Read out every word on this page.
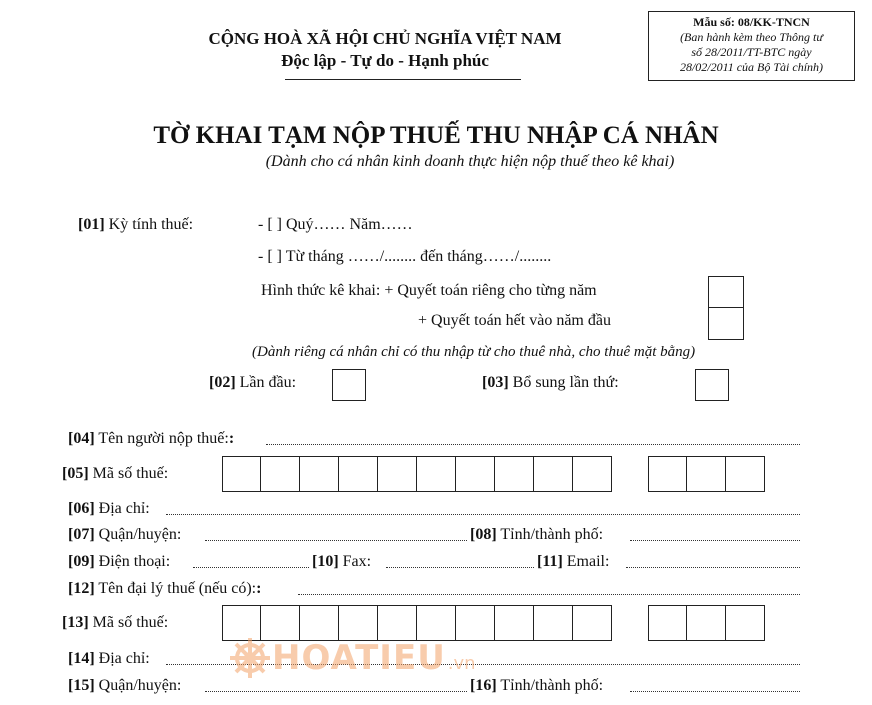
CỘNG HOÀ XÃ HỘI CHỦ NGHĨA VIỆT NAM
Độc lập - Tự do - Hạnh phúc
Mẫu số: 08/KK-TNCN
(Ban hành kèm theo Thông tư
số 28/2011/TT-BTC ngày
28/02/2011 của Bộ Tài chính)
TỜ KHAI TẠM NỘP THUẾ THU NHẬP CÁ NHÂN
(Dành cho cá nhân kinh doanh thực hiện nộp thuế theo kê khai)
[01] Kỳ tính thuế:	- [ ] Quý…… Năm……
- [ ] Từ tháng ……/........ đến tháng……/........
Hình thức kê khai: + Quyết toán riêng cho từng năm
+ Quyết toán hết vào năm đầu
(Dành riêng cá nhân chỉ có thu nhập từ cho thuê nhà, cho thuê mặt bằng)
[02] Lần đầu:	[03] Bổ sung lần thứ:
[04] Tên người nộp thuế::
[05] Mã số thuế:
[06] Địa chỉ:
[07] Quận/huyện:	[08] Tỉnh/thành phố:
[09] Điện thoại:	[10] Fax:	[11] Email:
[12] Tên đại lý thuế (nếu có)::
[13] Mã số thuế:
[14] Địa chỉ:
[15] Quận/huyện:	[16] Tỉnh/thành phố:
HOATIEU .vn
